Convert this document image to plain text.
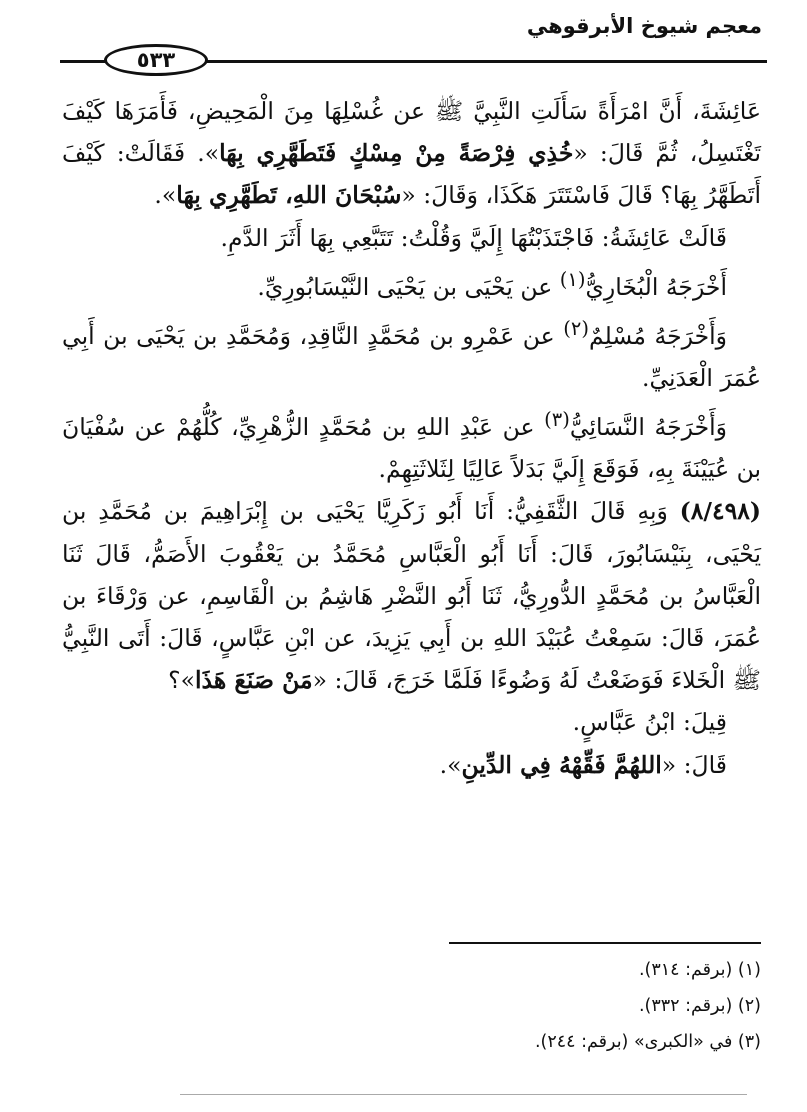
معجم شيوخ الأبرقوهي
٥٣٣

عَائِشَةَ، أَنَّ امْرَأَةً سَأَلَتِ النَّبِيَّ ﷺ عن غُسْلِهَا مِنَ الْمَحِيضِ، فَأَمَرَهَا كَيْفَ تَغْتَسِلُ، ثُمَّ قَالَ: «خُذِي فِرْصَةً مِنْ مِسْكٍ فَتَطَهَّرِي بِهَا». فَقَالَتْ: كَيْفَ أَتَطَهَّرُ بِهَا؟ قَالَ فَاسْتَتَرَ هَكَذَا، وَقَالَ: «سُبْحَانَ اللهِ، تَطَهَّرِي بِهَا».

قَالَتْ عَائِشَةُ: فَاجْتَذَبْتُهَا إِلَيَّ وَقُلْتُ: تَتَبَّعِي بِهَا أَثَرَ الدَّمِ.

أَخْرَجَهُ الْبُخَارِيُّ$^{(١)}$ عن يَحْيَى بن يَحْيَى النَّيْسَابُورِيِّ.

وَأَخْرَجَهُ مُسْلِمٌ$^{(٢)}$ عن عَمْرِو بن مُحَمَّدٍ النَّاقِدِ، وَمُحَمَّدِ بن يَحْيَى بن أَبِي عُمَرَ الْعَدَنِيِّ.

وَأَخْرَجَهُ النَّسَائِيُّ$^{(٣)}$ عن عَبْدِ اللهِ بن مُحَمَّدٍ الزُّهْرِيِّ، كُلُّهُمْ عن سُفْيَانَ بن عُيَيْنَةَ بِهِ، فَوَقَعَ إِلَيَّ بَدَلاً عَالِيًا لِثَلاثَتِهِمْ.

(٨/٤٩٨) وَبِهِ قَالَ الثَّقَفِيُّ: أَنَا أَبُو زَكَرِيَّا يَحْيَى بن إِبْرَاهِيمَ بن مُحَمَّدِ بن يَحْيَى، بِنَيْسَابُورَ، قَالَ: أَنَا أَبُو الْعَبَّاسِ مُحَمَّدُ بن يَعْقُوبَ الأَصَمُّ، قَالَ ثَنَا الْعَبَّاسُ بن مُحَمَّدٍ الدُّورِيُّ، ثَنَا أَبُو النَّضْرِ هَاشِمُ بن الْقَاسِمِ، عن وَرْقَاءَ بن عُمَرَ، قَالَ: سَمِعْتُ عُبَيْدَ اللهِ بن أَبِي يَزِيدَ، عن ابْنِ عَبَّاسٍ، قَالَ: أَتَى النَّبِيُّ ﷺ الْخَلاءَ فَوَضَعْتُ لَهُ وَضُوءًا فَلَمَّا خَرَجَ، قَالَ: «مَنْ صَنَعَ هَذَا»؟

قِيلَ: ابْنُ عَبَّاسٍ.

قَالَ: «اللهُمَّ فَقِّهْهُ فِي الدِّينِ».

(١) (برقم: ٣١٤).

(٢) (برقم: ٣٣٢).

(٣) في «الكبرى» (برقم: ٢٤٤).
